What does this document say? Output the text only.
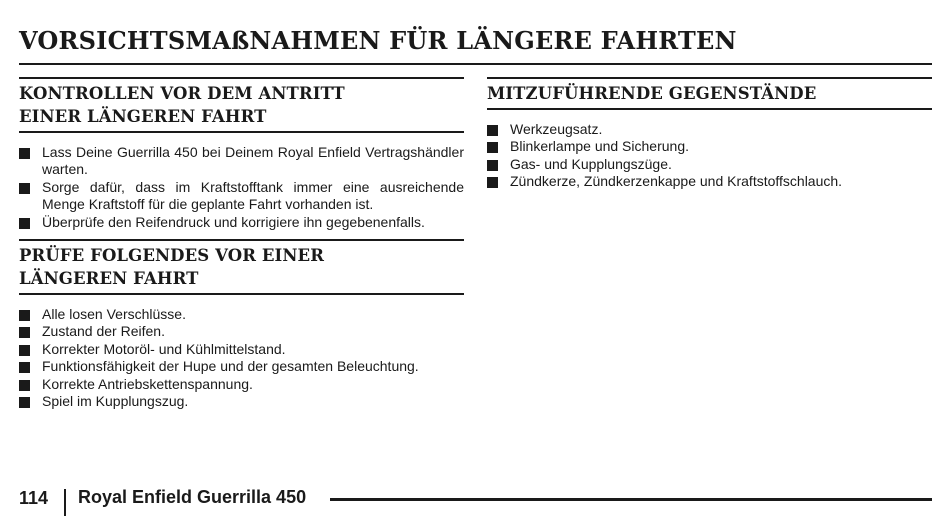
VORSICHTSMAßNAHMEN FÜR LÄNGERE FAHRTEN
KONTROLLEN VOR DEM ANTRITT
EINER LÄNGEREN FAHRT
Lass Deine Guerrilla 450 bei Deinem Royal Enfield Vertragshändler warten.
Sorge dafür, dass im Kraftstofftank immer eine ausreichende Menge Kraftstoff für die geplante Fahrt vorhanden ist.
Überprüfe den Reifendruck und korrigiere ihn gegebenenfalls.
PRÜFE FOLGENDES VOR EINER
LÄNGEREN FAHRT
Alle losen Verschlüsse.
Zustand der Reifen.
Korrekter Motoröl- und Kühlmittelstand.
Funktionsfähigkeit der Hupe und der gesamten Beleuchtung.
Korrekte Antriebskettenspannung.
Spiel im Kupplungszug.
MITZUFÜHRENDE GEGENSTÄNDE
Werkzeugsatz.
Blinkerlampe und Sicherung.
Gas- und Kupplungszüge.
Zündkerze, Zündkerzenkappe und Kraftstoffschlauch.
114 Royal Enfield Guerrilla 450
